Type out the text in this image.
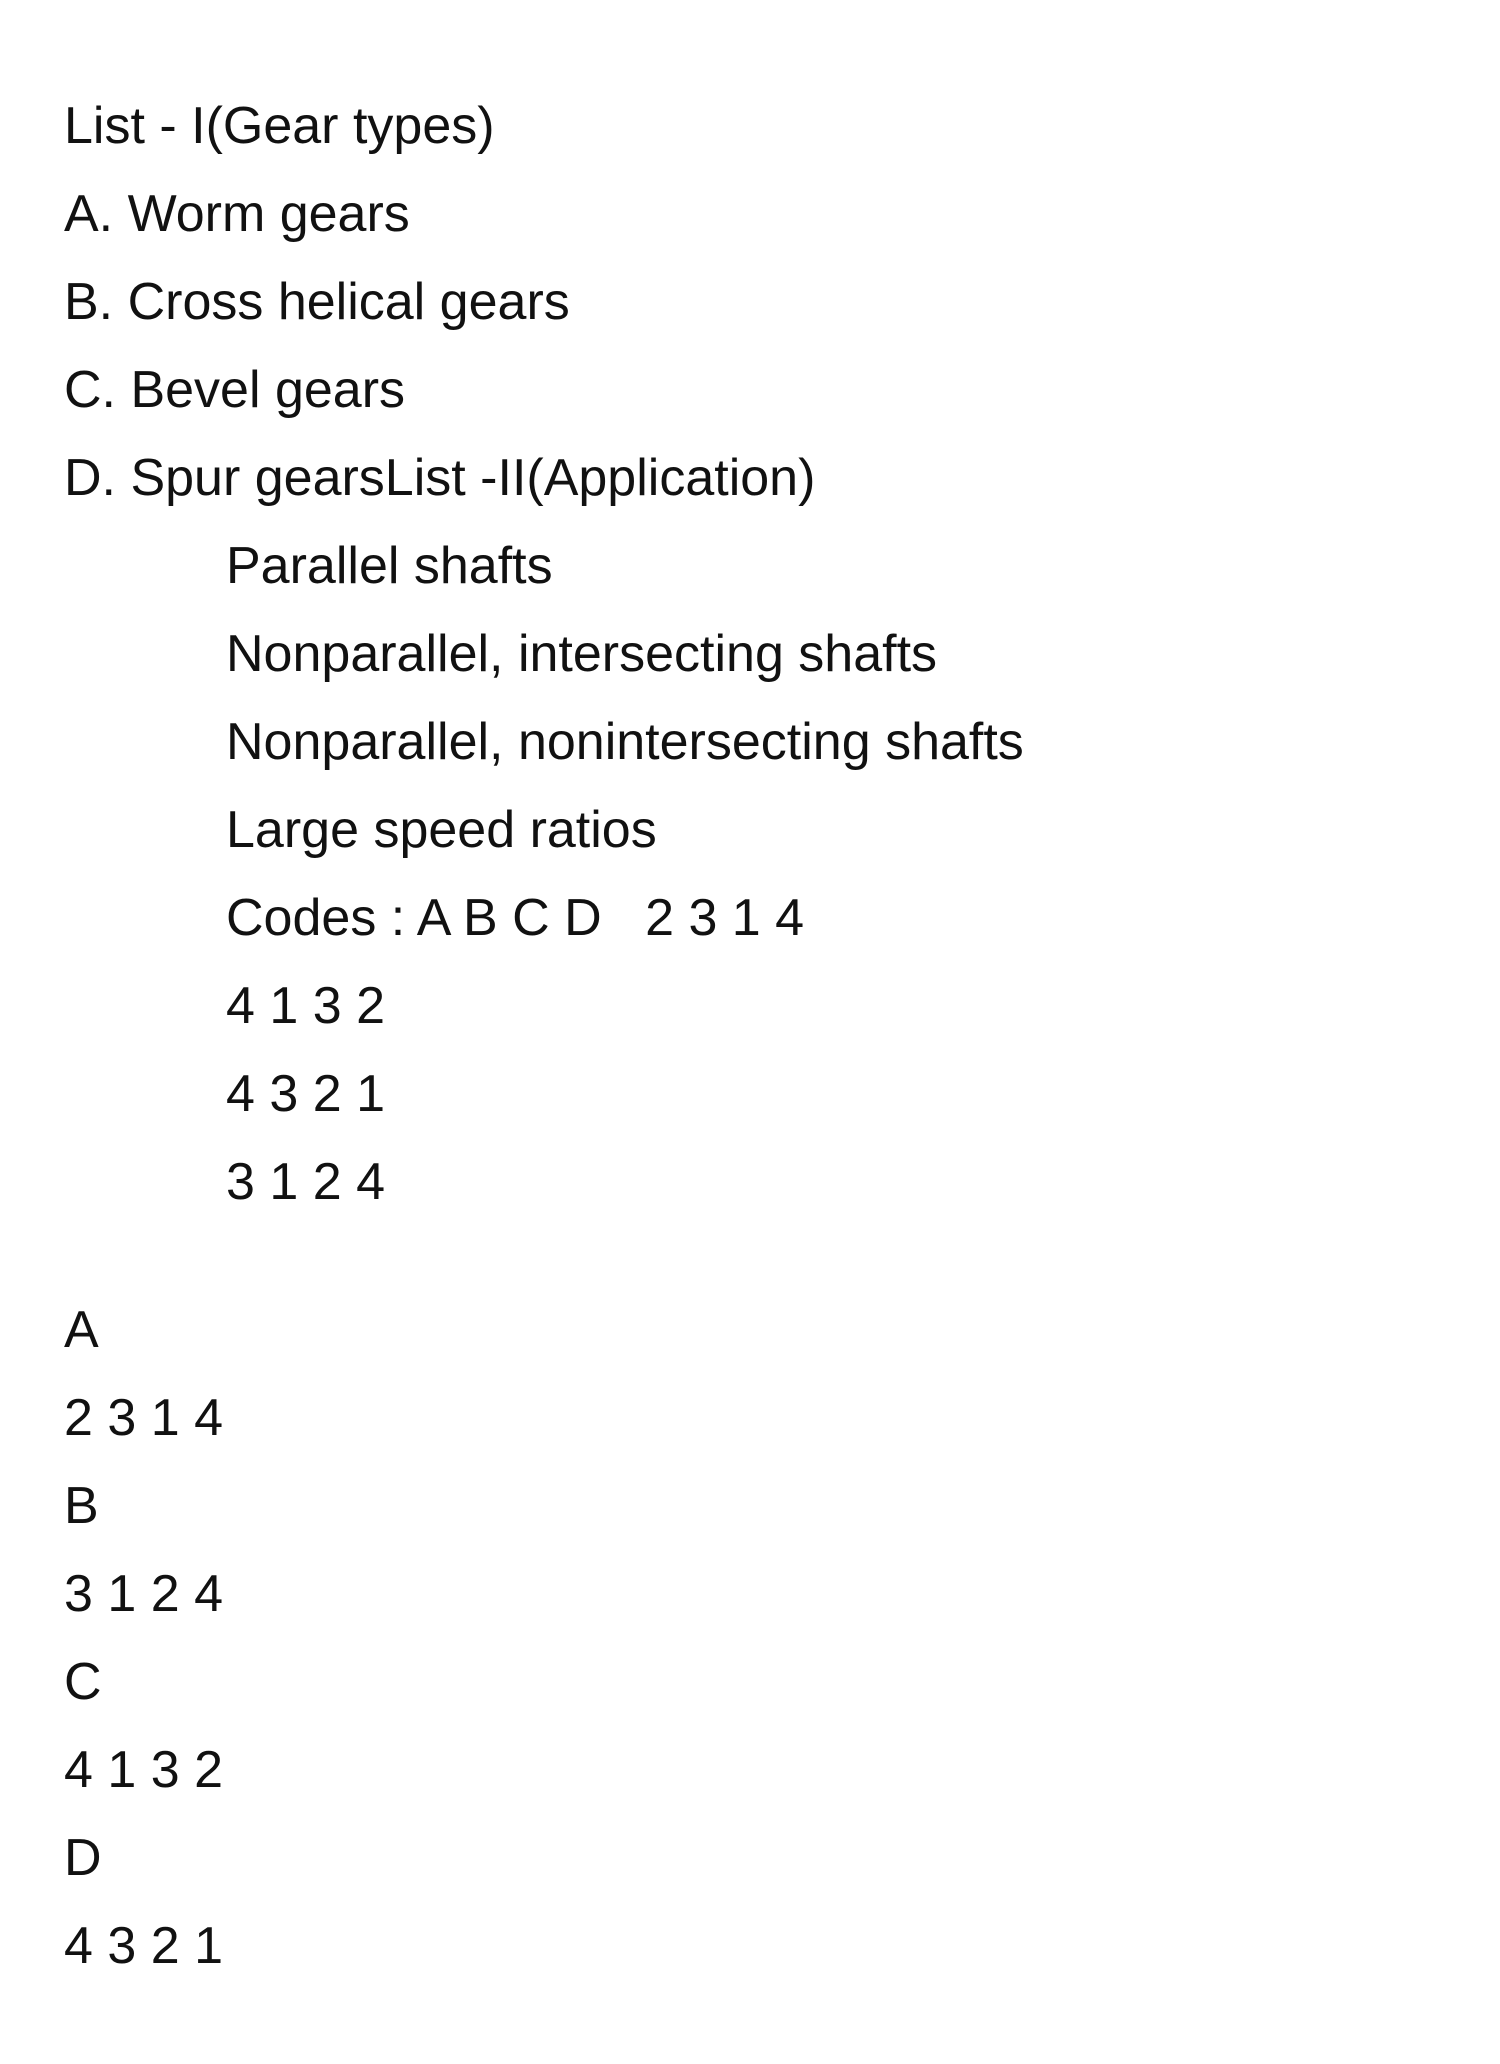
List - I(Gear types)

A. Worm gears

B. Cross helical gears

C. Bevel gears

D. Spur gearsList -II(Application)

Parallel shafts

Nonparallel, intersecting shafts

Nonparallel, nonintersecting shafts

Large speed ratios

Codes : A B C D   2 3 1 4

4 1 3 2

4 3 2 1

3 1 2 4

A

2 3 1 4

B

3 1 2 4

C

4 1 3 2

D

4 3 2 1
